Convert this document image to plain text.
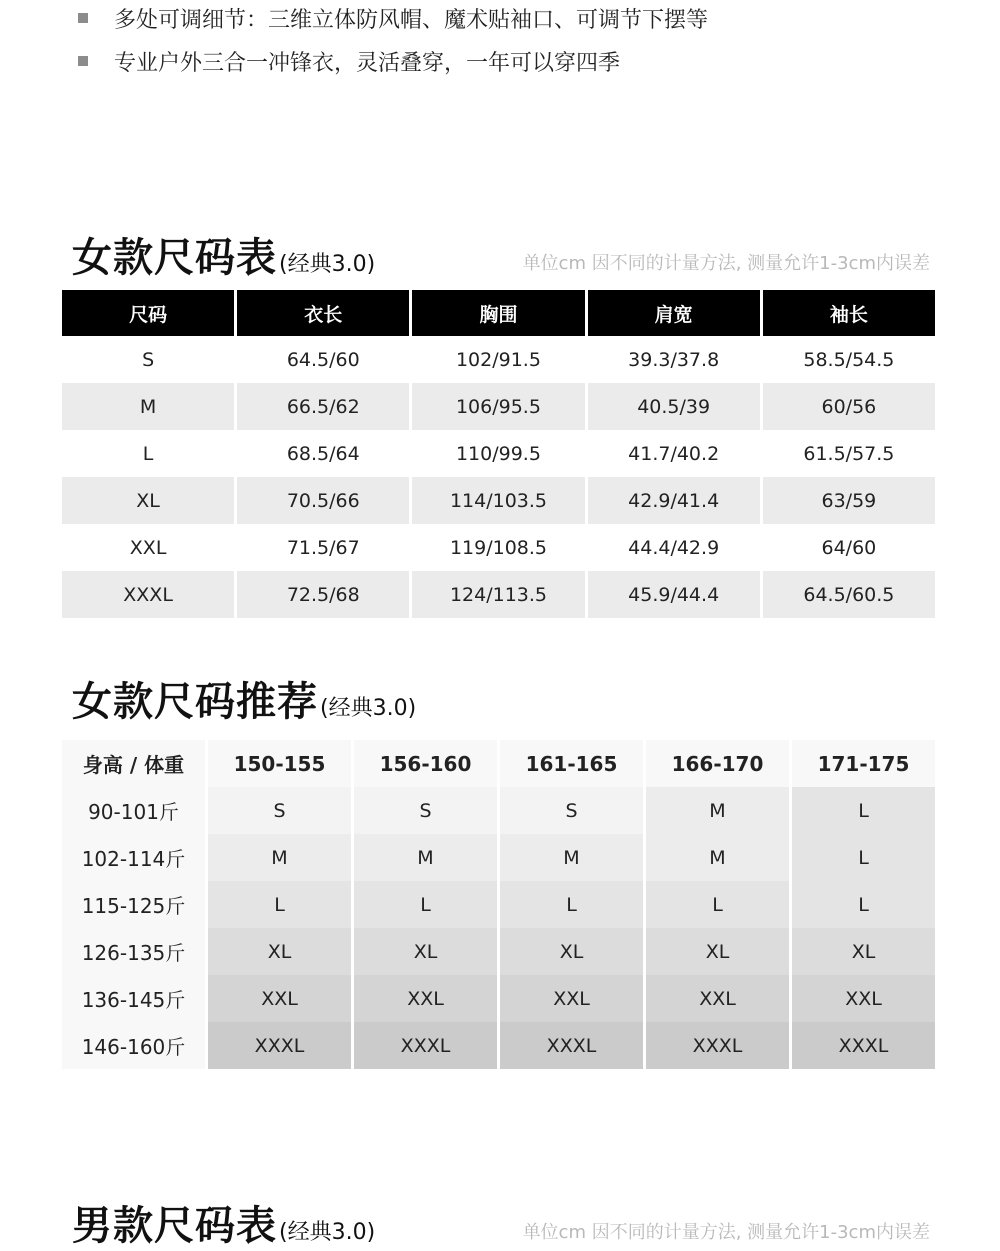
多处可调细节：三维立体防风帽、魔术贴袖口、可调节下摆等
专业户外三合一冲锋衣，灵活叠穿，一年可以穿四季
女款尺码表 (经典3.0)	单位cm 因不同的计量方法, 测量允许1-3cm内误差
尺码	衣长	胸围	肩宽	袖长
S	64.5/60	102/91.5	39.3/37.8	58.5/54.5
M	66.5/62	106/95.5	40.5/39	60/56
L	68.5/64	110/99.5	41.7/40.2	61.5/57.5
XL	70.5/66	114/103.5	42.9/41.4	63/59
XXL	71.5/67	119/108.5	44.4/42.9	64/60
XXXL	72.5/68	124/113.5	45.9/44.4	64.5/60.5
女款尺码推荐 (经典3.0)
身高 / 体重	150-155	156-160	161-165	166-170	171-175
90-101斤	S	S	S	M	L
102-114斤	M	M	M	M	L
115-125斤	L	L	L	L	L
126-135斤	XL	XL	XL	XL	XL
136-145斤	XXL	XXL	XXL	XXL	XXL
146-160斤	XXXL	XXXL	XXXL	XXXL	XXXL
男款尺码表 (经典3.0)	单位cm 因不同的计量方法, 测量允许1-3cm内误差
